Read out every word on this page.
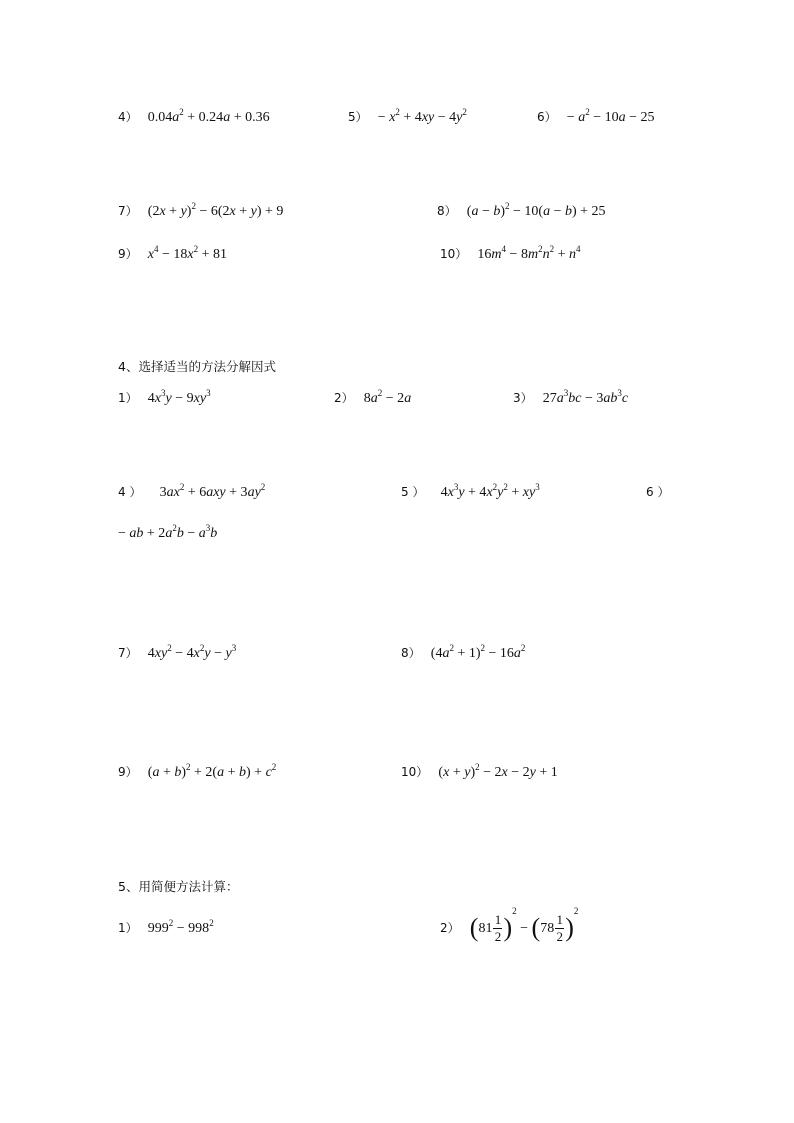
4） $0.04a^2 + 0.24a + 0.36$	$5) - x^2 + 4xy - 4y^2$	$6) - a^2 - 10a - 25$
7） $(2x + y)^2 - 6(2x + y) + 9$	8） $(a - b)^2 - 10(a - b) + 25$
9） $x^4 - 18x^2 + 81$	10） $16m^4 - 8m^2n^2 + n^4$
4、选择适当的方法分解因式
1） $4x^3y - 9xy^3$	2） $8a^2 - 2a$	3） $27a^3bc - 3ab^3c$
4 ） $3ax^2 + 6axy + 3ay^2$	5 ） $4x^3y + 4x^2y^2 + xy^3$	6 ）
− ab + $2a^2b - a^3b$
7） $4xy^2 - 4x^2y - y^3$	8） $(4a^2 + 1)^2 - 16a^2$
9） $(a + b)^2 + 2(a + b) + c^2$	10） $(x + y)^2 - 2x - 2y + 1$
5、用简便方法计算：
1） $999^2 - 998^2$	2） $(81 \frac{1}{2} )^2 - (78 \frac{1}{2} )^2$
